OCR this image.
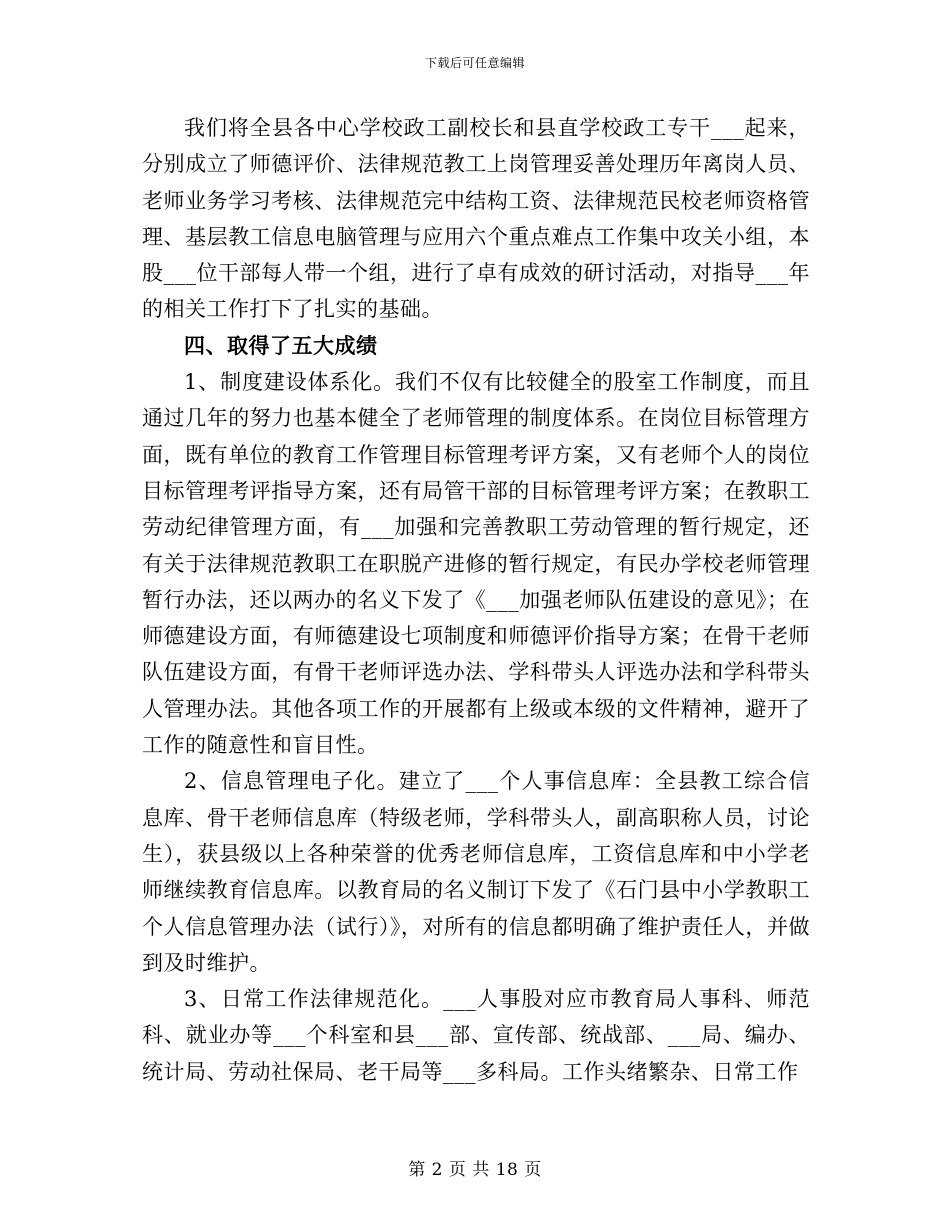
下载后可任意编辑

我们将全县各中心学校政工副校长和县直学校政工专干___起来，分别成立了师德评价、法律规范教工上岗管理妥善处理历年离岗人员、老师业务学习考核、法律规范完中结构工资、法律规范民校老师资格管理、基层教工信息电脑管理与应用六个重点难点工作集中攻关小组，本股___位干部每人带一个组，进行了卓有成效的研讨活动，对指导___年的相关工作打下了扎实的基础。

四、取得了五大成绩

1、制度建设体系化。我们不仅有比较健全的股室工作制度，而且通过几年的努力也基本健全了老师管理的制度体系。在岗位目标管理方面，既有单位的教育工作管理目标管理考评方案，又有老师个人的岗位目标管理考评指导方案，还有局管干部的目标管理考评方案；在教职工劳动纪律管理方面，有___加强和完善教职工劳动管理的暂行规定，还有关于法律规范教职工在职脱产进修的暂行规定，有民办学校老师管理暂行办法，还以两办的名义下发了《___加强老师队伍建设的意见》；在师德建设方面，有师德建设七项制度和师德评价指导方案；在骨干老师队伍建设方面，有骨干老师评选办法、学科带头人评选办法和学科带头人管理办法。其他各项工作的开展都有上级或本级的文件精神，避开了工作的随意性和盲目性。

2、信息管理电子化。建立了___个人事信息库：全县教工综合信息库、骨干老师信息库（特级老师，学科带头人，副高职称人员，讨论生），获县级以上各种荣誉的优秀老师信息库，工资信息库和中小学老师继续教育信息库。以教育局的名义制订下发了《石门县中小学教职工个人信息管理办法（试行）》，对所有的信息都明确了维护责任人，并做到及时维护。

3、日常工作法律规范化。___人事股对应市教育局人事科、师范科、就业办等___个科室和县___部、宣传部、统战部、___局、编办、统计局、劳动社保局、老干局等___多科局。工作头绪繁杂、日常工作

第 2 页 共 18 页
